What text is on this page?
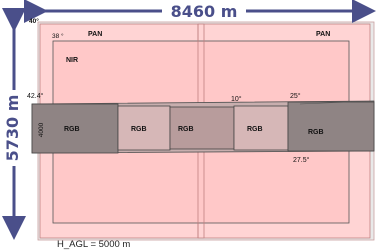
8460 m
5730 m
40°
38 °
42.4°	10°	25°
27.5°
PAN	PAN
NIR
RGB	RGB	RGB	RGB	RGB
4000
H_AGL = 5000 m
